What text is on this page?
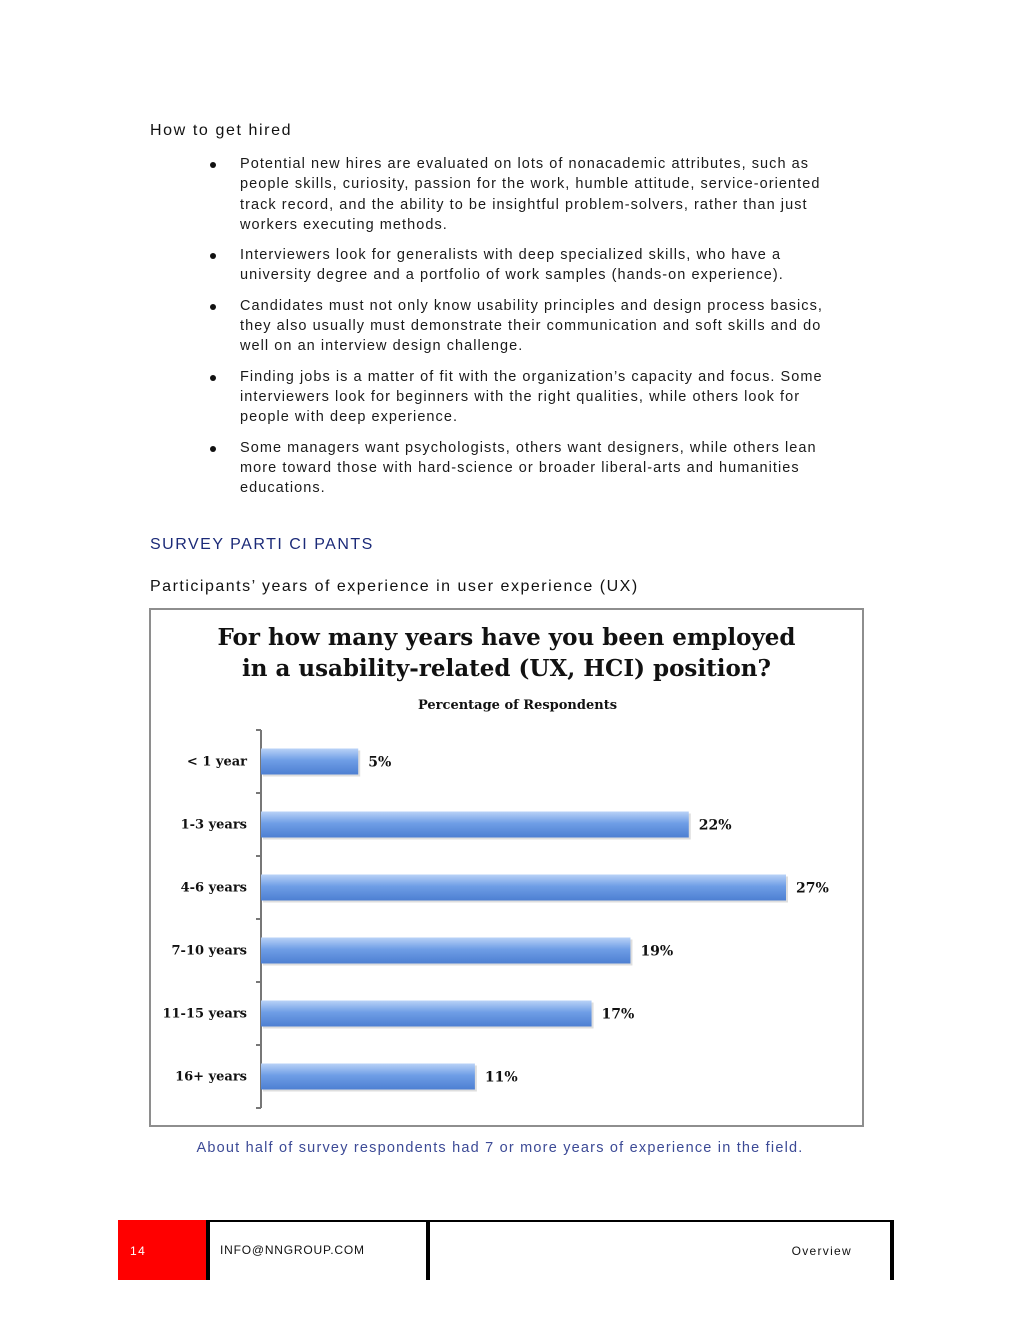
How to get hired
Potential new hires are evaluated on lots of nonacademic attributes, such as people skills, curiosity, passion for the work, humble attitude, service-oriented track record, and the ability to be insightful problem-solvers, rather than just workers executing methods.
Interviewers look for generalists with deep specialized skills, who have a university degree and a portfolio of work samples (hands-on experience).
Candidates must not only know usability principles and design process basics, they also usually must demonstrate their communication and soft skills and do well on an interview design challenge.
Finding jobs is a matter of fit with the organization’s capacity and focus. Some interviewers look for beginners with the right qualities, while others look for people with deep experience.
Some managers want psychologists, others want designers, while others lean more toward those with hard-science or broader liberal-arts and humanities educations.
SURVEY PARTI CI PANTS
Participants’ years of experience in user experience (UX)
For how many years have you been employed
in a usability-related (UX, HCI) position?
Percentage of Respondents
< 1 year	5%
1-3 years	22%
4-6 years	27%
7-10 years	19%
11-15 years	17%
16+ years	11%
About half of survey respondents had 7 or more years of experience in the field.
14	INFO@NNGROUP.COM	Overview
